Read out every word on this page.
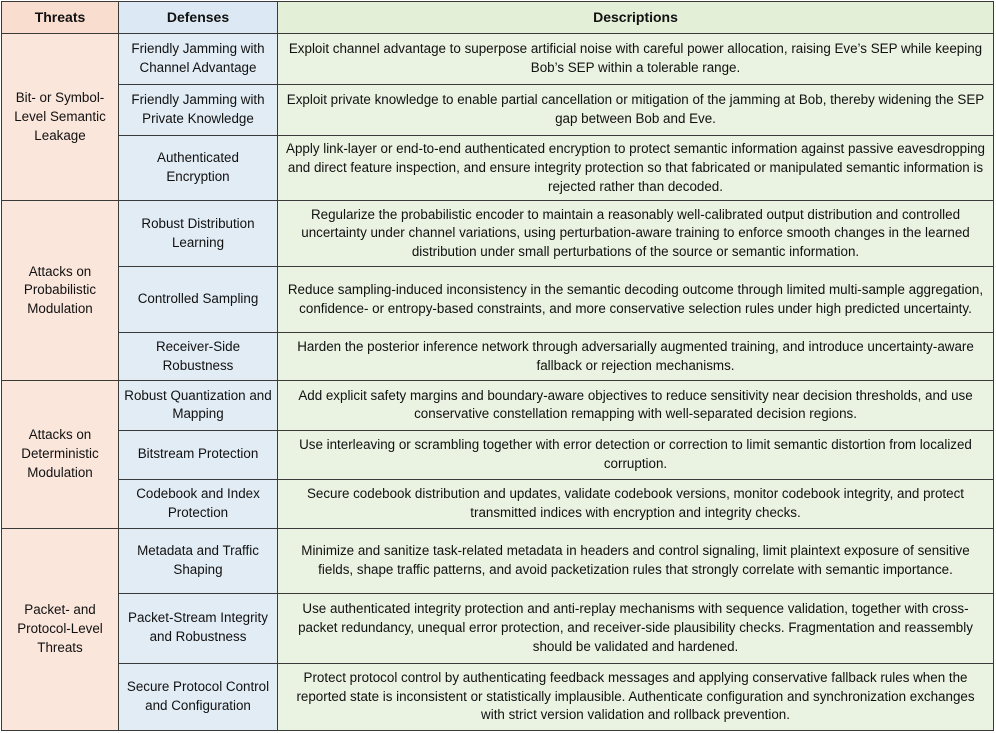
Threats	Defenses	Descriptions
Bit- or Symbol-Level Semantic Leakage	Friendly Jamming with Channel Advantage	Exploit channel advantage to superpose artificial noise with careful power allocation, raising Eve’s SEP while keeping Bob’s SEP within a tolerable range.
	Friendly Jamming with Private Knowledge	Exploit private knowledge to enable partial cancellation or mitigation of the jamming at Bob, thereby widening the SEP gap between Bob and Eve.
	Authenticated Encryption	Apply link-layer or end-to-end authenticated encryption to protect semantic information against passive eavesdropping and direct feature inspection, and ensure integrity protection so that fabricated or manipulated semantic information is rejected rather than decoded.
Attacks on Probabilistic Modulation	Robust Distribution Learning	Regularize the probabilistic encoder to maintain a reasonably well-calibrated output distribution and controlled uncertainty under channel variations, using perturbation-aware training to enforce smooth changes in the learned distribution under small perturbations of the source or semantic information.
	Controlled Sampling	Reduce sampling-induced inconsistency in the semantic decoding outcome through limited multi-sample aggregation, confidence- or entropy-based constraints, and more conservative selection rules under high predicted uncertainty.
	Receiver-Side Robustness	Harden the posterior inference network through adversarially augmented training, and introduce uncertainty-aware fallback or rejection mechanisms.
Attacks on Deterministic Modulation	Robust Quantization and Mapping	Add explicit safety margins and boundary-aware objectives to reduce sensitivity near decision thresholds, and use conservative constellation remapping with well-separated decision regions.
	Bitstream Protection	Use interleaving or scrambling together with error detection or correction to limit semantic distortion from localized corruption.
	Codebook and Index Protection	Secure codebook distribution and updates, validate codebook versions, monitor codebook integrity, and protect transmitted indices with encryption and integrity checks.
Packet- and Protocol-Level Threats	Metadata and Traffic Shaping	Minimize and sanitize task-related metadata in headers and control signaling, limit plaintext exposure of sensitive fields, shape traffic patterns, and avoid packetization rules that strongly correlate with semantic importance.
	Packet-Stream Integrity and Robustness	Use authenticated integrity protection and anti-replay mechanisms with sequence validation, together with cross-packet redundancy, unequal error protection, and receiver-side plausibility checks. Fragmentation and reassembly should be validated and hardened.
	Secure Protocol Control and Configuration	Protect protocol control by authenticating feedback messages and applying conservative fallback rules when the reported state is inconsistent or statistically implausible. Authenticate configuration and synchronization exchanges with strict version validation and rollback prevention.
